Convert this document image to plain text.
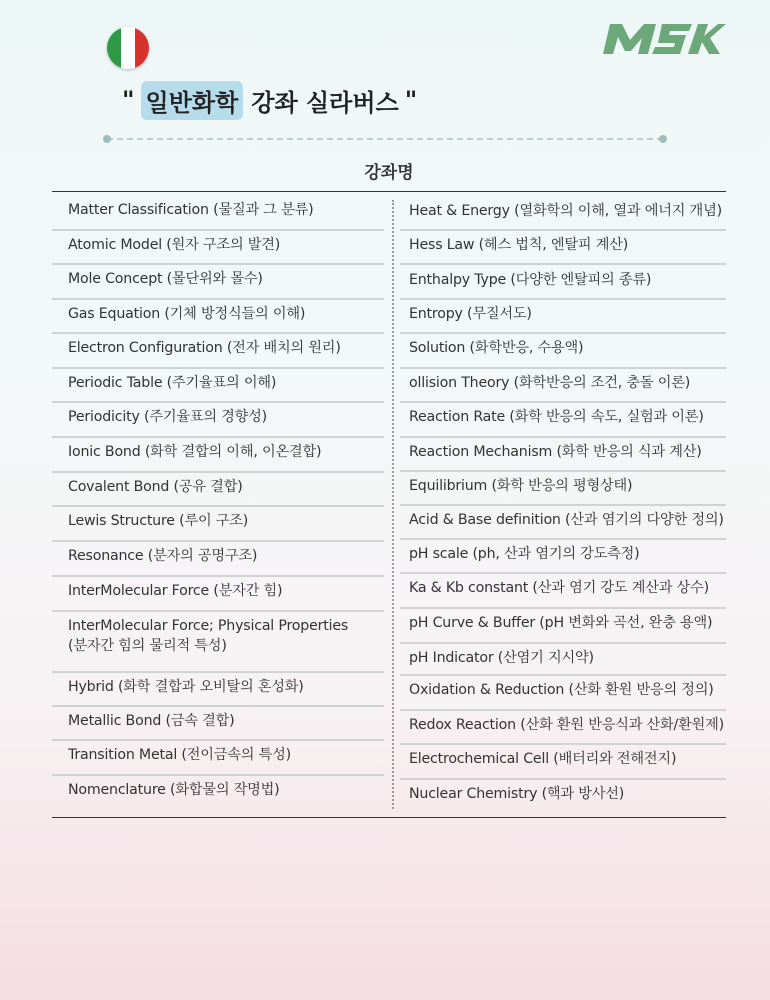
" 일반화학 강좌 실라버스 "
강좌명
Matter Classification (물질과 그 분류)
Atomic Model (원자 구조의 발견)
Mole Concept (몰단위와 몰수)
Gas Equation (기체 방정식들의 이해)
Electron Configuration (전자 배치의 원리)
Periodic Table (주기율표의 이해)
Periodicity (주기율표의 경향성)
Ionic Bond (화학 결합의 이해, 이온결합)
Covalent Bond (공유 결합)
Lewis Structure (루이 구조)
Resonance (분자의 공명구조)
InterMolecular Force (분자간 힘)
InterMolecular Force; Physical Properties (분자간 힘의 물리적 특성)
Hybrid (화학 결합과 오비탈의 혼성화)
Metallic Bond (금속 결합)
Transition Metal (전이금속의 특성)
Nomenclature (화합물의 작명법)
Heat & Energy (열화학의 이해, 열과 에너지 개념)
Hess Law (헤스 법칙, 엔탈피 계산)
Enthalpy Type (다양한 엔탈피의 종류)
Entropy (무질서도)
Solution (화학반응, 수용액)
ollision Theory (화학반응의 조건, 충돌 이론)
Reaction Rate (화학 반응의 속도, 실험과 이론)
Reaction Mechanism (화학 반응의 식과 계산)
Equilibrium (화학 반응의 평형상태)
Acid & Base definition (산과 염기의 다양한 정의)
pH scale (ph, 산과 염기의 강도측정)
Ka & Kb constant (산과 염기 강도 계산과 상수)
pH Curve & Buffer (pH 변화와 곡선, 완충 용액)
pH Indicator (산염기 지시약)
Oxidation & Reduction (산화 환원 반응의 정의)
Redox Reaction (산화 환원 반응식과 산화/환원제)
Electrochemical Cell (배터리와 전해전지)
Nuclear Chemistry (핵과 방사선)
